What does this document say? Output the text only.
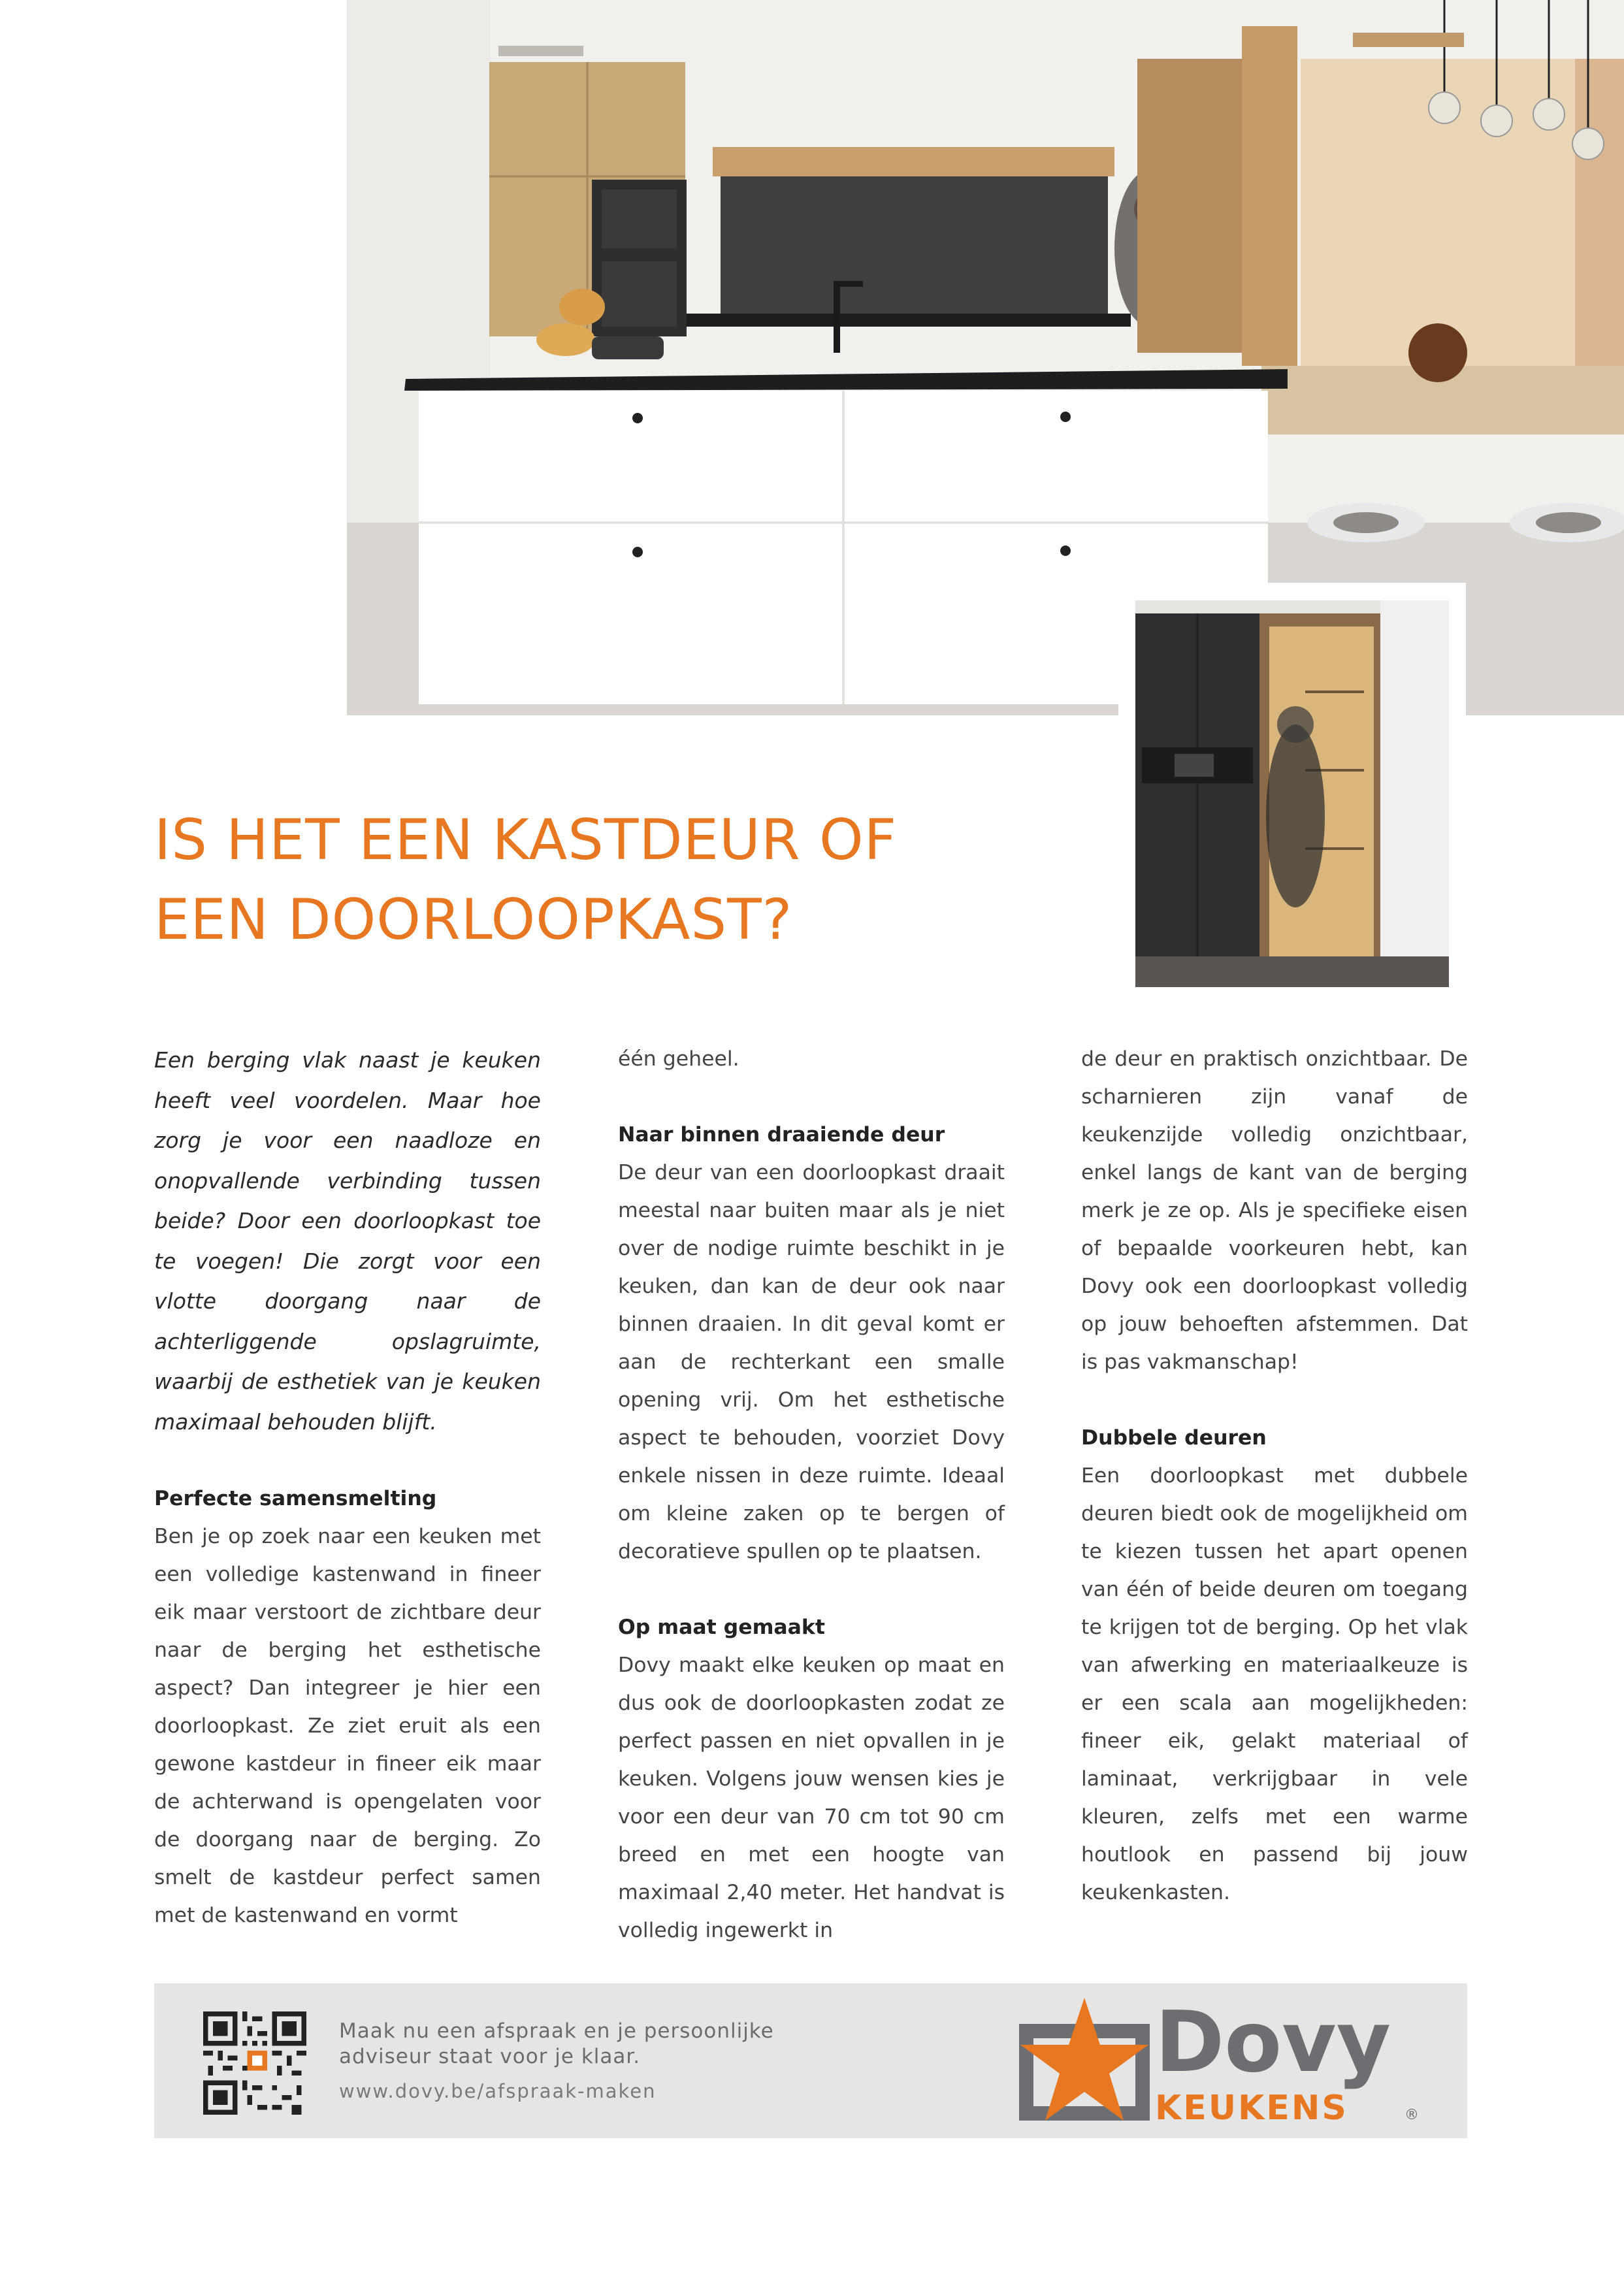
IS HET EEN KASTDEUR OF
EEN DOORLOOPKAST?

Een berging vlak naast je keuken heeft veel voordelen. Maar hoe zorg je voor een naadloze en onopvallende verbinding tussen beide? Door een doorloopkast toe te voegen! Die zorgt voor een vlotte doorgang naar de achterliggende opslagruimte, waarbij de esthetiek van je keuken maximaal behouden blijft.

Perfecte samensmelting

Ben je op zoek naar een keuken met een volledige kastenwand in fineer eik maar verstoort de zichtbare deur naar de berging het esthetische aspect? Dan integreer je hier een doorloopkast. Ze ziet eruit als een gewone kastdeur in fineer eik maar de achterwand is opengelaten voor de doorgang naar de berging. Zo smelt de kastdeur perfect samen met de kastenwand en vormt

één geheel.

Naar binnen draaiende deur

De deur van een doorloopkast draait meestal naar buiten maar als je niet over de nodige ruimte beschikt in je keuken, dan kan de deur ook naar binnen draaien. In dit geval komt er aan de rechterkant een smalle opening vrij. Om het esthetische aspect te behouden, voorziet Dovy enkele nissen in deze ruimte. Ideaal om kleine zaken op te bergen of decoratieve spullen op te plaatsen.

Op maat gemaakt

Dovy maakt elke keuken op maat en dus ook de doorloopkasten zodat ze perfect passen en niet opvallen in je keuken. Volgens jouw wensen kies je voor een deur van 70 cm tot 90 cm breed en met een hoogte van maximaal 2,40 meter. Het handvat is volledig ingewerkt in

de deur en praktisch onzichtbaar. De scharnieren zijn vanaf de keukenzijde volledig onzichtbaar, enkel langs de kant van de berging merk je ze op. Als je specifieke eisen of bepaalde voorkeuren hebt, kan Dovy ook een doorloopkast volledig op jouw behoeften afstemmen. Dat is pas vakmanschap!

Dubbele deuren

Een doorloopkast met dubbele deuren biedt ook de mogelijkheid om te kiezen tussen het apart openen van één of beide deuren om toegang te krijgen tot de berging. Op het vlak van afwerking en materiaalkeuze is er een scala aan mogelijkheden: fineer eik, gelakt materiaal of laminaat, verkrijgbaar in vele kleuren, zelfs met een warme houtlook en passend bij jouw keukenkasten.

Maak nu een afspraak en je persoonlijke
adviseur staat voor je klaar.
www.dovy.be/afspraak-maken	Dovy
KEUKENS	®
